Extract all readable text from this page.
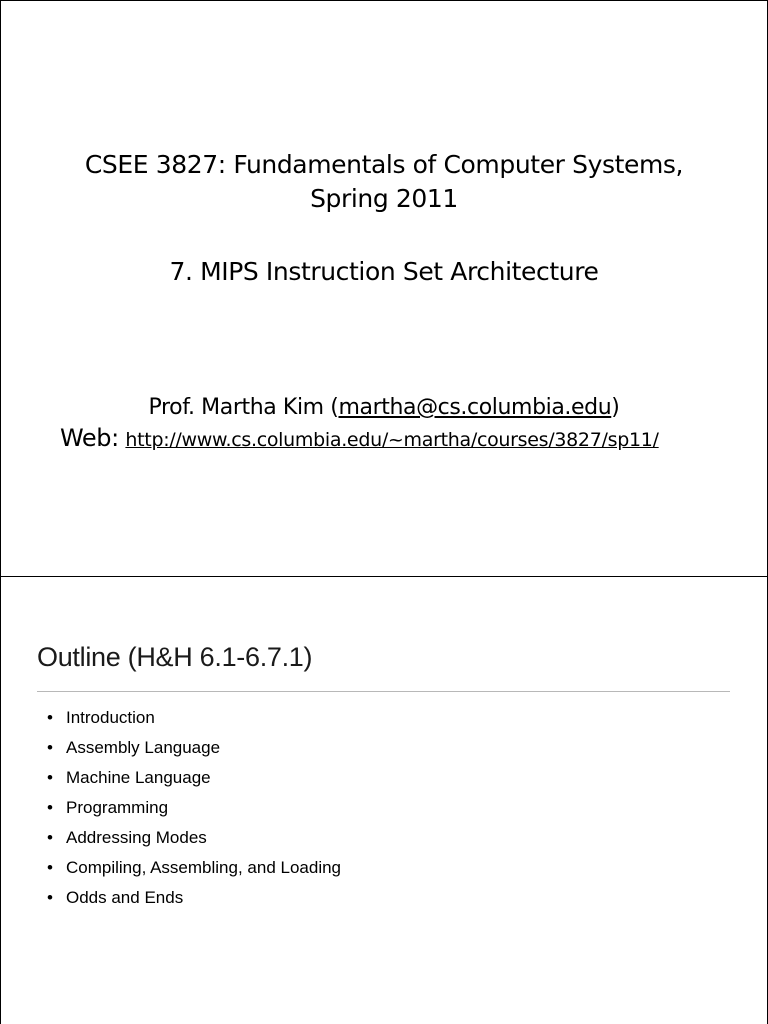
CSEE 3827: Fundamentals of Computer Systems,
Spring 2011
7. MIPS Instruction Set Architecture
Prof. Martha Kim (martha@cs.columbia.edu)
Web: http://www.cs.columbia.edu/~martha/courses/3827/sp11/
Outline (H&H 6.1-6.7.1)
• Introduction
• Assembly Language
• Machine Language
• Programming
• Addressing Modes
• Compiling, Assembling, and Loading
• Odds and Ends
